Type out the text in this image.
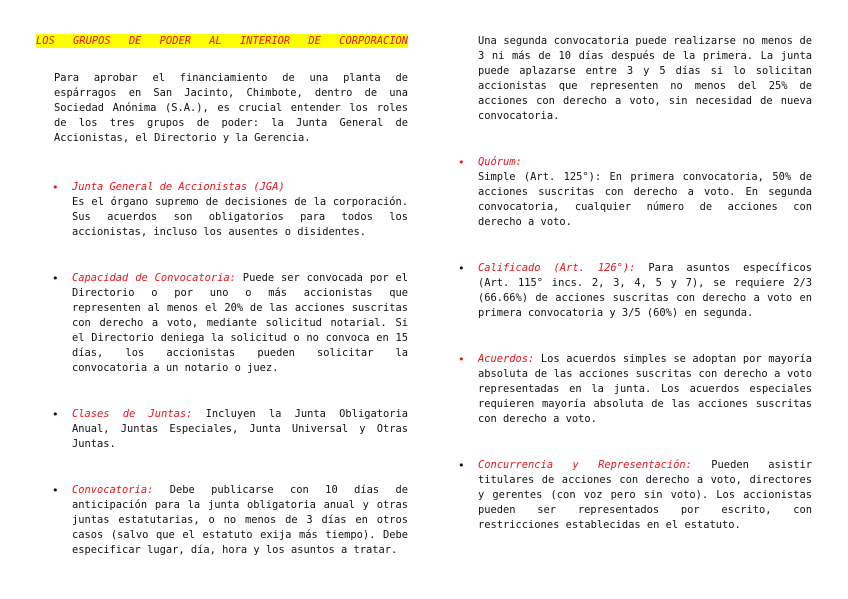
LOS GRUPOS DE PODER AL INTERIOR DE CORPORACION

Para aprobar el financiamiento de una planta de espárragos en San Jacinto, Chimbote, dentro de una Sociedad Anónima (S.A.), es crucial entender los roles de los tres grupos de poder: la Junta General de Accionistas, el Directorio y la Gerencia.

• Junta General de Accionistas (JGA)
Es el órgano supremo de decisiones de la corporación. Sus acuerdos son obligatorios para todos los accionistas, incluso los ausentes o disidentes.
• Capacidad de Convocatoria: Puede ser convocada por el Directorio o por uno o más accionistas que representen al menos el 20% de las acciones suscritas con derecho a voto, mediante solicitud notarial. Si el Directorio deniega la solicitud o no convoca en 15 días, los accionistas pueden solicitar la convocatoria a un notario o juez.
• Clases de Juntas: Incluyen la Junta Obligatoria Anual, Juntas Especiales, Junta Universal y Otras Juntas.
• Convocatoria: Debe publicarse con 10 días de anticipación para la junta obligatoria anual y otras juntas estatutarias, o no menos de 3 días en otros casos (salvo que el estatuto exija más tiempo). Debe especificar lugar, día, hora y los asuntos a tratar.

Una segunda convocatoria puede realizarse no menos de 3 ni más de 10 días después de la primera. La junta puede aplazarse entre 3 y 5 días si lo solicitan accionistas que representen no menos del 25% de acciones con derecho a voto, sin necesidad de nueva convocatoria.

• Quórum:
Simple (Art. 125°): En primera convocatoria, 50% de acciones suscritas con derecho a voto. En segunda convocatoria, cualquier número de acciones con derecho a voto.
• Calificado (Art. 126°): Para asuntos específicos (Art. 115° incs. 2, 3, 4, 5 y 7), se requiere 2/3 (66.66%) de acciones suscritas con derecho a voto en primera convocatoria y 3/5 (60%) en segunda.
• Acuerdos: Los acuerdos simples se adoptan por mayoría absoluta de las acciones suscritas con derecho a voto representadas en la junta. Los acuerdos especiales requieren mayoría absoluta de las acciones suscritas con derecho a voto.
• Concurrencia y Representación: Pueden asistir titulares de acciones con derecho a voto, directores y gerentes (con voz pero sin voto). Los accionistas pueden ser representados por escrito, con restricciones establecidas en el estatuto.
